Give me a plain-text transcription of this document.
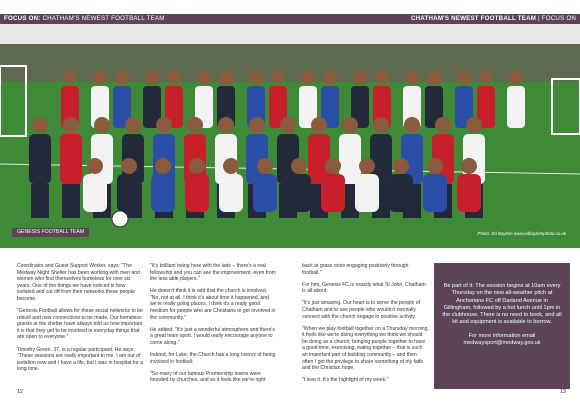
FOCUS ON: CHATHAM'S NEWEST FOOTBALL TEAM	CHATHAM'S NEWEST FOOTBALL TEAM | FOCUS ON
GENESIS FOOTBALL TEAM	Photo: Ed Baylem www.edbaylemphoto.co.uk

Coordinator and Guest Support Worker, says: "The Medway Night Shelter has been working with men and women who find themselves homeless for over six years. One of the things we have noticed is how isolated and cut off from their networks these people become.

"Genesis Football allows for these social networks to be rebuilt and new connections to be made. Our homeless guests at the shelter have always told us how important it is that they get to be involved in everyday things that are open to everyone."

Timothy Green, 37, is a regular participant. He says: "These sessions are really important to me. I am out of isolation now and I have a life, but I was in hospital for a long time.

"It's brilliant being here with the lads – there's a real fellowship and you can see the improvement, even from the less able players."

He doesn't think it is odd that the church is involved, "No, not at all. I think it's about time it happened, and we're really going places. I think it's a really good medium for people who are Christians to get involved in the community."

He added: "It's just a wonderful atmosphere and there's a great team spirit. I would really encourage anyone to come along."

Indeed, for Luke, the Church has a long history of being involved in football:

"So many of our famous Premiership teams were founded by churches, and so it feels like we're right

back at grass roots engaging positively through football."

For him, Genesis FC is exactly what St John, Chatham is all about:

"It's just amazing. Our heart is to serve the people of Chatham and to see people who wouldn't normally connect with the church engage in positive activity.

"When we play football together on a Thursday morning, it feels like we're doing everything we think we should be doing as a church; bringing people together to have a good time, exercising, eating together – that is such an important part of building community – and then often I get the privilege to share something of my faith and the Christian hope.

"I love it. It's the highlight of my week."

Be part of it: The session begins at 10am every Thursday on the new all-weather pitch at Anchorians FC off Darland Avenue in Gillingham, followed by a hot lunch until 1pm in the clubhouse. There is no need to book, and all kit and equipment is available to borrow.

For more information email medwaysport@medway.gov.uk

12	13
